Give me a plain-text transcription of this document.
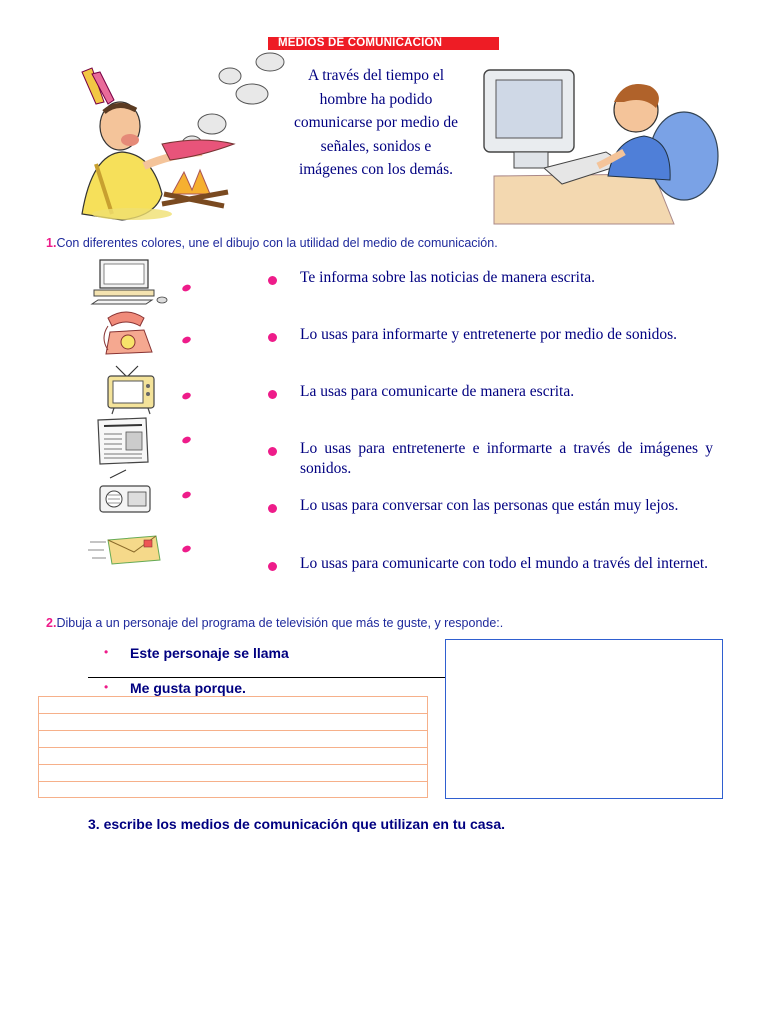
MEDIOS DE COMUNICACION
A través del tiempo el
hombre ha podido
comunicarse por medio de
señales, sonidos e
imágenes con los demás.
1.Con diferentes colores, une el dibujo con la utilidad del medio de comunicación.
Te informa sobre las noticias de manera escrita.
Lo usas para informarte y entretenerte por medio de sonidos.
La usas para comunicarte de manera escrita.
Lo usas para entretenerte e informarte a través de imágenes y sonidos.
Lo usas para conversar con las personas que están muy lejos.
Lo usas para comunicarte con todo el mundo a través del internet.
2.Dibuja a un personaje del programa de televisión que más te guste, y responde:.
• Este personaje se llama
• Me gusta porque.
3. escribe los medios de comunicación que utilizan en tu casa.
